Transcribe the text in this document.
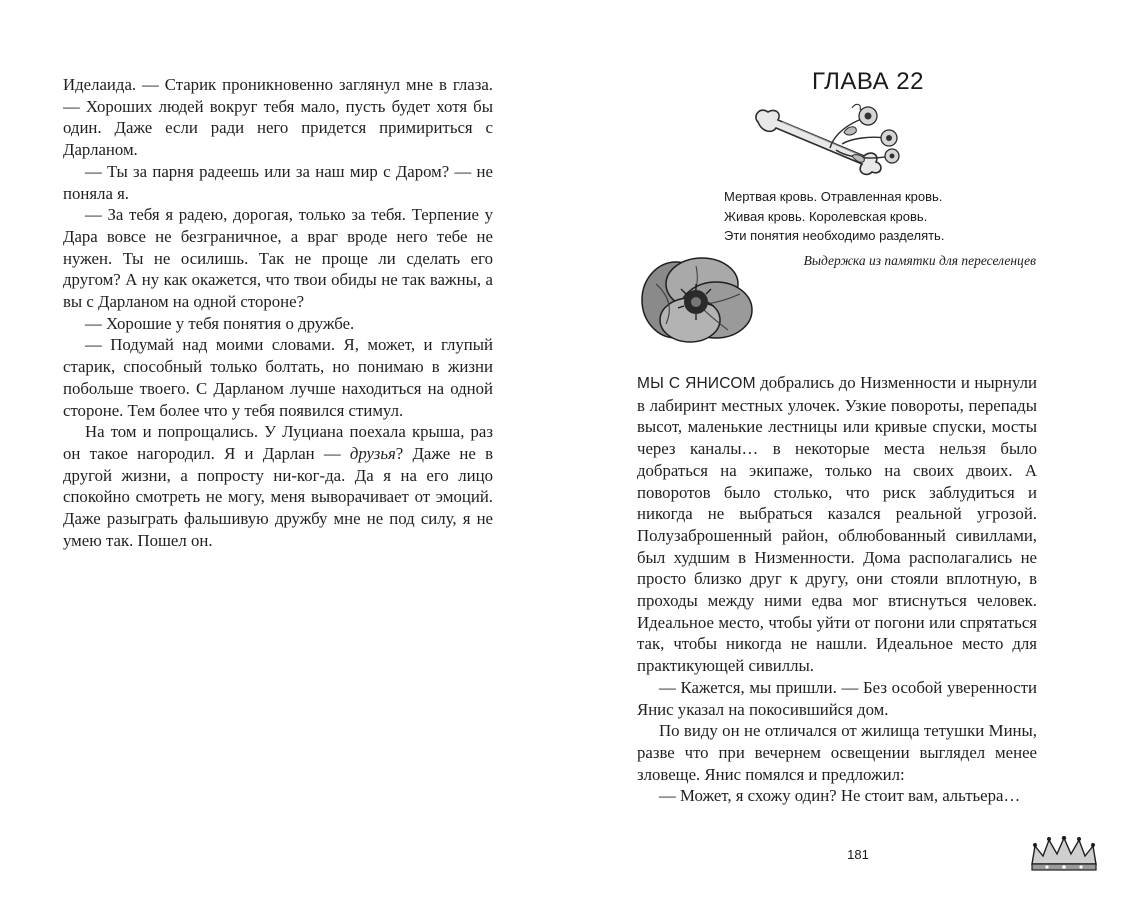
Иделаида. — Старик проникновенно заглянул мне в глаза. — Хороших людей вокруг тебя мало, пусть будет хотя бы один. Даже если ради него придется примириться с Дарланом.

— Ты за парня радеешь или за наш мир с Даром? — не поняла я.

— За тебя я радею, дорогая, только за тебя. Терпение у Дара вовсе не безграничное, а враг вроде него тебе не нужен. Ты не осилишь. Так не проще ли сделать его другом? А ну как окажется, что твои обиды не так важны, а вы с Дарланом на одной стороне?

— Хорошие у тебя понятия о дружбе.

— Подумай над моими словами. Я, может, и глупый старик, способный только болтать, но понимаю в жизни побольше твоего. С Дарланом лучше находиться на одной стороне. Тем более что у тебя появился стимул.

На том и попрощались. У Луциана поехала крыша, раз он такое нагородил. Я и Дарлан — друзья? Даже не в другой жизни, а попросту ни-ког-да. Да я на его лицо спокойно смотреть не могу, меня выворачивает от эмоций. Даже разыграть фальшивую дружбу мне не под силу, я не умею так. Пошел он.

ГЛАВА 22
Мертвая кровь. Отравленная кровь.
Живая кровь. Королевская кровь.
Эти понятия необходимо разделять.
Выдержка из памятки для переселенцев

МЫ С ЯНИСОМ добрались до Низменности и нырнули в лабиринт местных улочек. Узкие повороты, перепады высот, маленькие лестницы или кривые спуски, мосты через каналы… в некоторые места нельзя было добраться на экипаже, только на своих двоих. А поворотов было столько, что риск заблудиться и никогда не выбраться казался реальной угрозой. Полузаброшенный район, облюбованный сивиллами, был худшим в Низменности. Дома располагались не просто близко друг к другу, они стояли вплотную, в проходы между ними едва мог втиснуться человек. Идеальное место, чтобы уйти от погони или спрятаться так, чтобы никогда не нашли. Идеальное место для практикующей сивиллы.

— Кажется, мы пришли. — Без особой уверенности Янис указал на покосившийся дом.

По виду он не отличался от жилища тетушки Мины, разве что при вечернем освещении выглядел менее зловеще. Янис помялся и предложил:

— Может, я схожу один? Не стоит вам, альтьера…

181
